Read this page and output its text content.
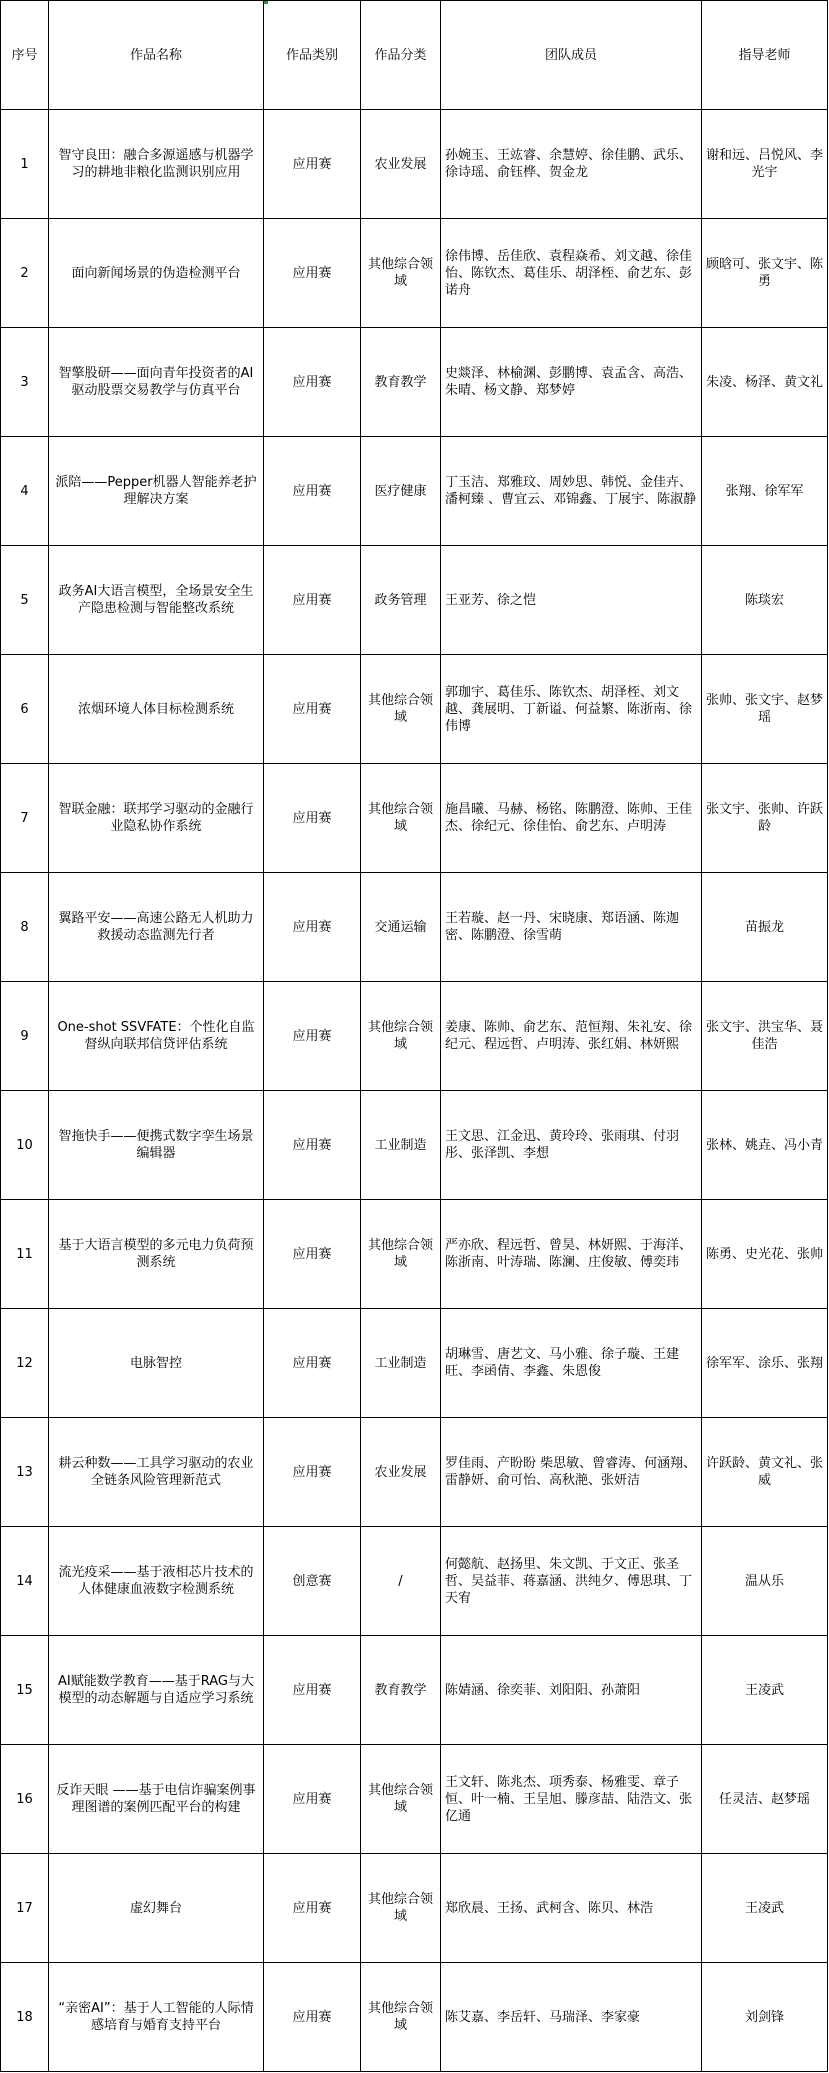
序号	作品名称	作品类别	作品分类	团队成员	指导老师
1	智守良田：融合多源遥感与机器学习的耕地非粮化监测识别应用	应用赛	农业发展	孙婉玉、王竑睿、余慧婷、徐佳鹏、武乐、徐诗瑶、俞钰桦、贺金龙	谢和远、吕悦风、李光宇
2	面向新闻场景的伪造检测平台	应用赛	其他综合领域	徐伟博、岳佳欣、袁程焱希、刘文越、徐佳怡、陈钦杰、葛佳乐、胡泽桎、俞艺东、彭诺舟	顾晗可、张文宇、陈勇
3	智擎股研——面向青年投资者的AI驱动股票交易教学与仿真平台	应用赛	教育教学	史燚泽、林榆渊、彭鹏博、袁孟含、高浩、朱晴、杨文静、郑梦婷	朱凌、杨泽、黄文礼
4	派陪——Pepper机器人智能养老护理解决方案	应用赛	医疗健康	丁玉洁、郑雅玟、周妙思、韩悦、金佳卉、潘柯臻 、曹宜云、邓锦鑫、丁展宇、陈淑静	张翔、徐军军
5	政务AI大语言模型，全场景安全生产隐患检测与智能整改系统	应用赛	政务管理	王亚芳、徐之恺	陈琰宏
6	浓烟环境人体目标检测系统	应用赛	其他综合领域	郭珈宇、葛佳乐、陈钦杰、胡泽桎、刘文越、龚展明、丁新谥、何益繁、陈浙南、徐伟博	张帅、张文宇、赵梦瑶
7	智联金融：联邦学习驱动的金融行业隐私协作系统	应用赛	其他综合领域	施昌曦、马赫、杨铭、陈鹏澄、陈帅、王佳杰、徐纪元、徐佳怡、俞艺东、卢明涛	张文宇、张帅、许跃龄
8	翼路平安——高速公路无人机助力救援动态监测先行者	应用赛	交通运输	王若璇、赵一丹、宋晓康、郑语涵、陈迦密、陈鹏澄、徐雪萌	苗振龙
9	One-shot SSVFATE：个性化自监督纵向联邦信贷评估系统	应用赛	其他综合领域	姜康、陈帅、俞艺东、范恒翔、朱礼安、徐纪元、程远哲、卢明涛、张红娟、林妍熙	张文宇、洪宝华、聂佳浩
10	智拖快手——便携式数字孪生场景编辑器	应用赛	工业制造	王文思、江金迅、黄玲玲、张雨琪、付羽彤、张泽凯、李想	张林、姚垚、冯小青
11	基于大语言模型的多元电力负荷预测系统	应用赛	其他综合领域	严亦欣、程远哲、曾昊、林妍熙、于海洋、陈浙南、叶涛瑞、陈澜、庄俊敏、傅奕玮	陈勇、史光花、张帅
12	电脉智控	应用赛	工业制造	胡琳雪、唐艺文、马小雅、徐子璇、王建旺、李函倩、李鑫、朱恩俊	徐军军、涂乐、张翔
13	耕云种数——工具学习驱动的农业全链条风险管理新范式	应用赛	农业发展	罗佳雨、产盼盼 柴思敏、曾睿涛、何涵翔、雷静妍、俞可怡、高秋滟、张妍洁	许跃龄、黄文礼、张威
14	流光疫采——基于液相芯片技术的人体健康血液数字检测系统	创意赛	/	何懿航、赵扬里、朱文凯、于文正、张圣哲、吴益菲、蒋嘉涵、洪纯夕、傅思琪、丁天宥	温从乐
15	AI赋能数学教育——基于RAG与大模型的动态解题与自适应学习系统	应用赛	教育教学	陈婧涵、徐奕菲、刘阳阳、孙萧阳	王凌武
16	反诈天眼 ——基于电信诈骗案例事理图谱的案例匹配平台的构建	应用赛	其他综合领域	王文轩、陈兆杰、项秀泰、杨雅雯、章子恒、叶一楠、王呈旭、滕彦喆、陆浩文、张亿通	任灵洁、赵梦瑶
17	虚幻舞台	应用赛	其他综合领域	郑欣晨、王扬、武柯含、陈贝、林浩	王凌武
18	“亲密AI”：基于人工智能的人际情感培育与婚育支持平台	应用赛	其他综合领域	陈艾嘉、李岳轩、马瑞泽、李家豪	刘剑锋
